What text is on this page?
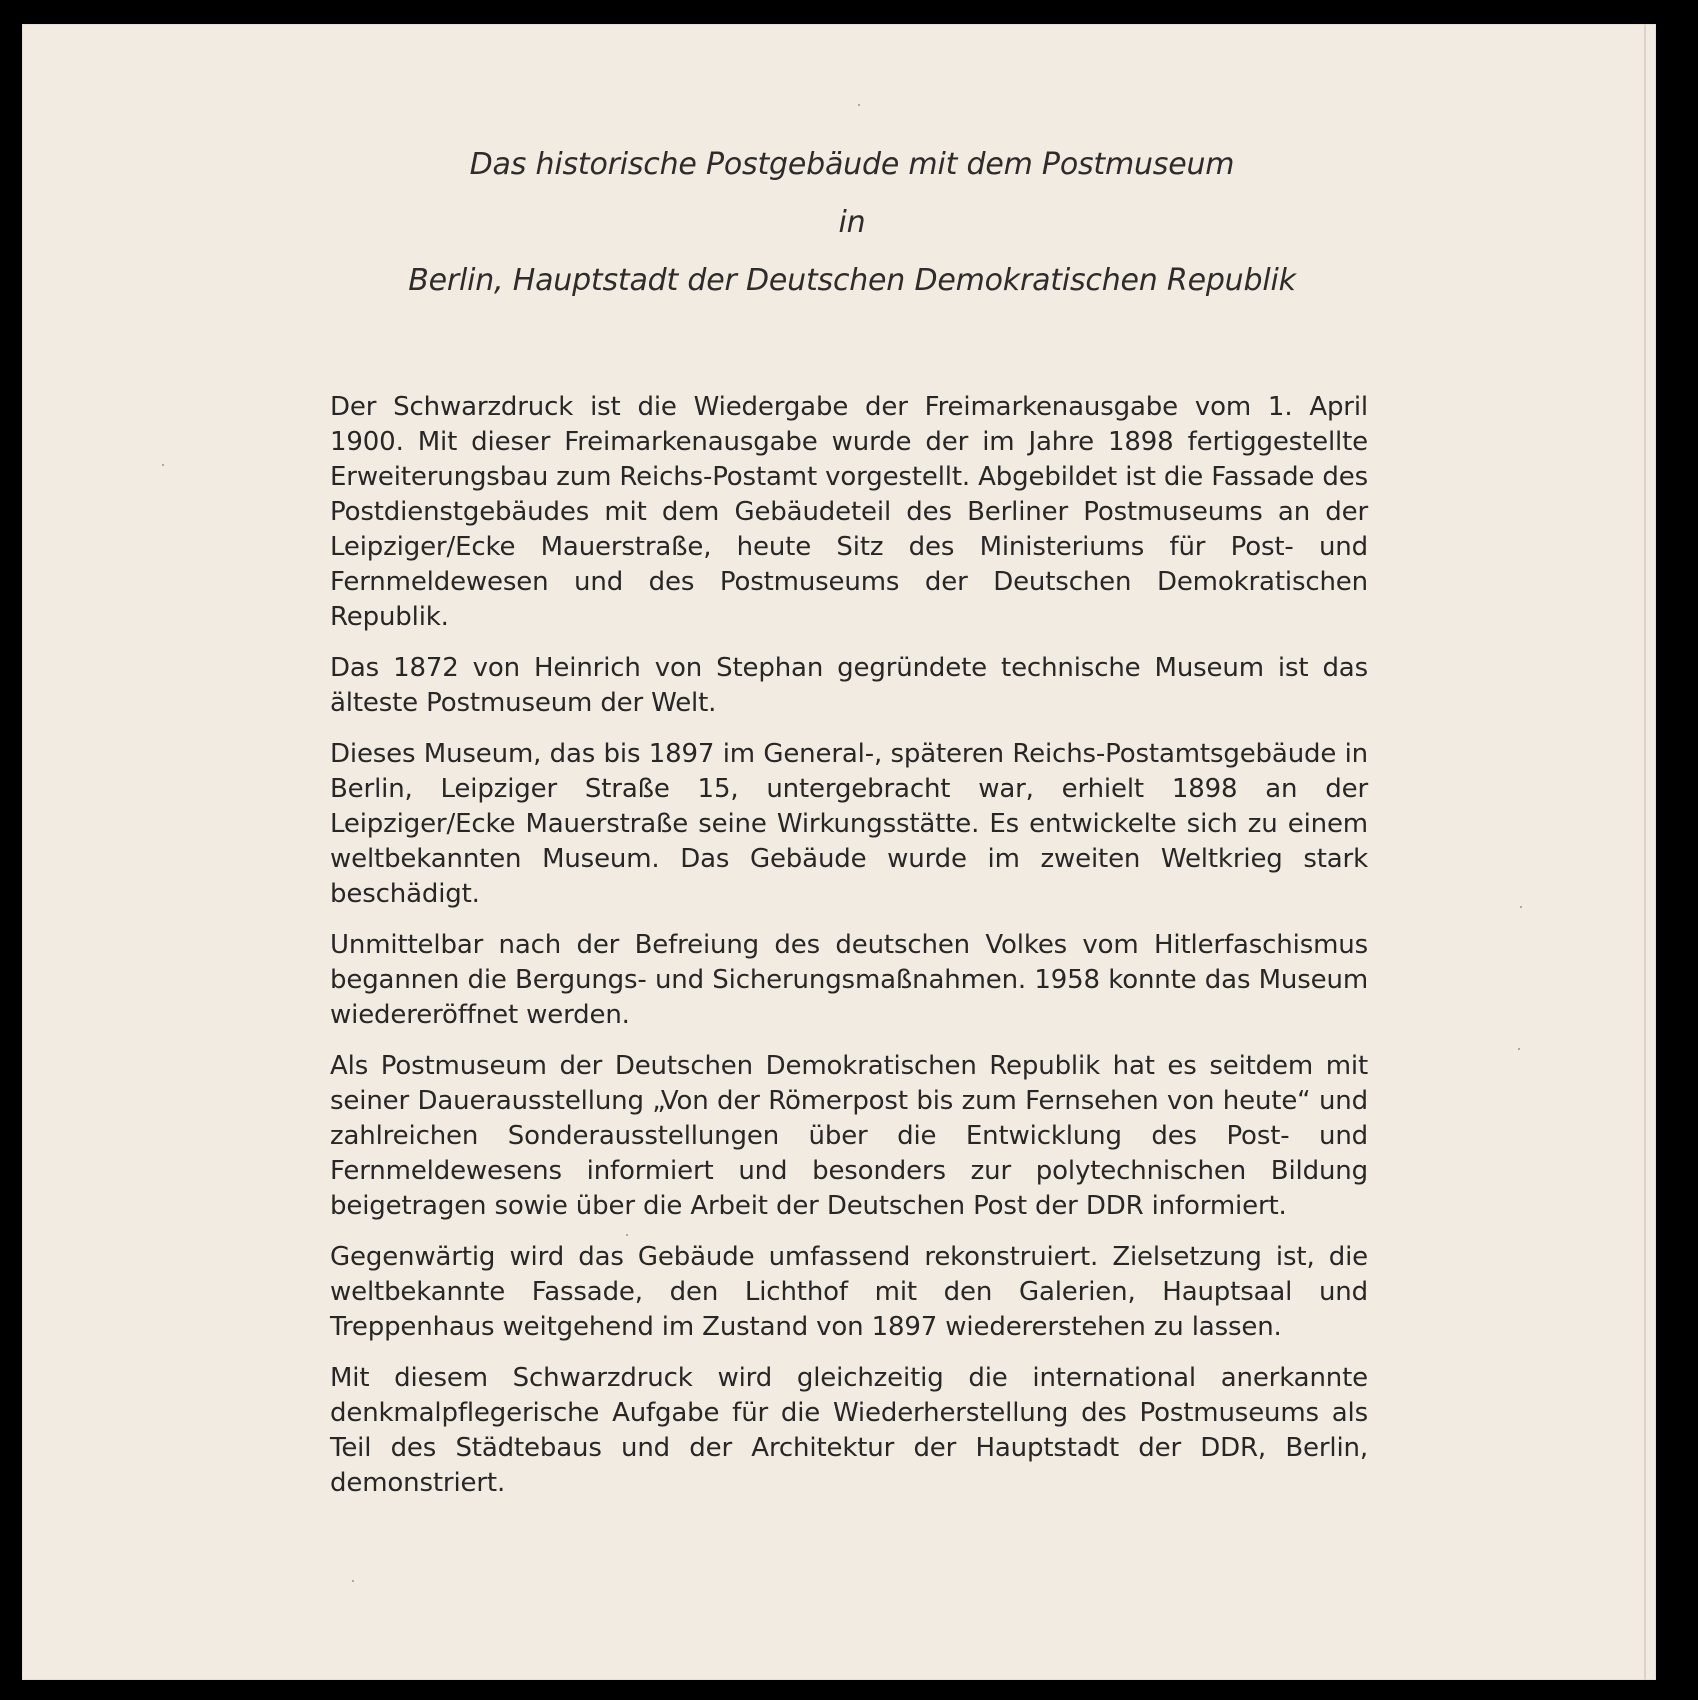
Das historische Postgebäude mit dem Postmuseum
in
Berlin, Hauptstadt der Deutschen Demokratischen Republik

Der Schwarzdruck ist die Wiedergabe der Freimarkenausgabe vom 1. April 1900. Mit dieser Freimarkenausgabe wurde der im Jahre 1898 fertiggestellte Erweiterungsbau zum Reichs-Postamt vorgestellt. Abgebildet ist die Fassade des Postdienstgebäudes mit dem Gebäudeteil des Berliner Postmuseums an der Leipziger/Ecke Mauerstraße, heute Sitz des Ministeriums für Post- und Fernmeldewesen und des Postmuseums der Deutschen Demokratischen Republik.

Das 1872 von Heinrich von Stephan gegründete technische Museum ist das älteste Postmuseum der Welt.

Dieses Museum, das bis 1897 im General-, späteren Reichs-Postamtsgebäude in Berlin, Leipziger Straße 15, untergebracht war, erhielt 1898 an der Leipziger/Ecke Mauerstraße seine Wirkungsstätte. Es entwickelte sich zu einem weltbekannten Museum. Das Gebäude wurde im zweiten Weltkrieg stark beschädigt.

Unmittelbar nach der Befreiung des deutschen Volkes vom Hitlerfaschismus begannen die Bergungs- und Sicherungsmaßnahmen. 1958 konnte das Museum wiedereröffnet werden.

Als Postmuseum der Deutschen Demokratischen Republik hat es seitdem mit seiner Dauerausstellung „Von der Römerpost bis zum Fernsehen von heute“ und zahlreichen Sonderausstellungen über die Entwicklung des Post- und Fernmeldewesens informiert und besonders zur polytechnischen Bildung beigetragen sowie über die Arbeit der Deutschen Post der DDR informiert.

Gegenwärtig wird das Gebäude umfassend rekonstruiert. Zielsetzung ist, die weltbekannte Fassade, den Lichthof mit den Galerien, Hauptsaal und Treppenhaus weitgehend im Zustand von 1897 wiedererstehen zu lassen.

Mit diesem Schwarzdruck wird gleichzeitig die international anerkannte denkmalpflegerische Aufgabe für die Wiederherstellung des Postmuseums als Teil des Städtebaus und der Architektur der Hauptstadt der DDR, Berlin, demonstriert.
